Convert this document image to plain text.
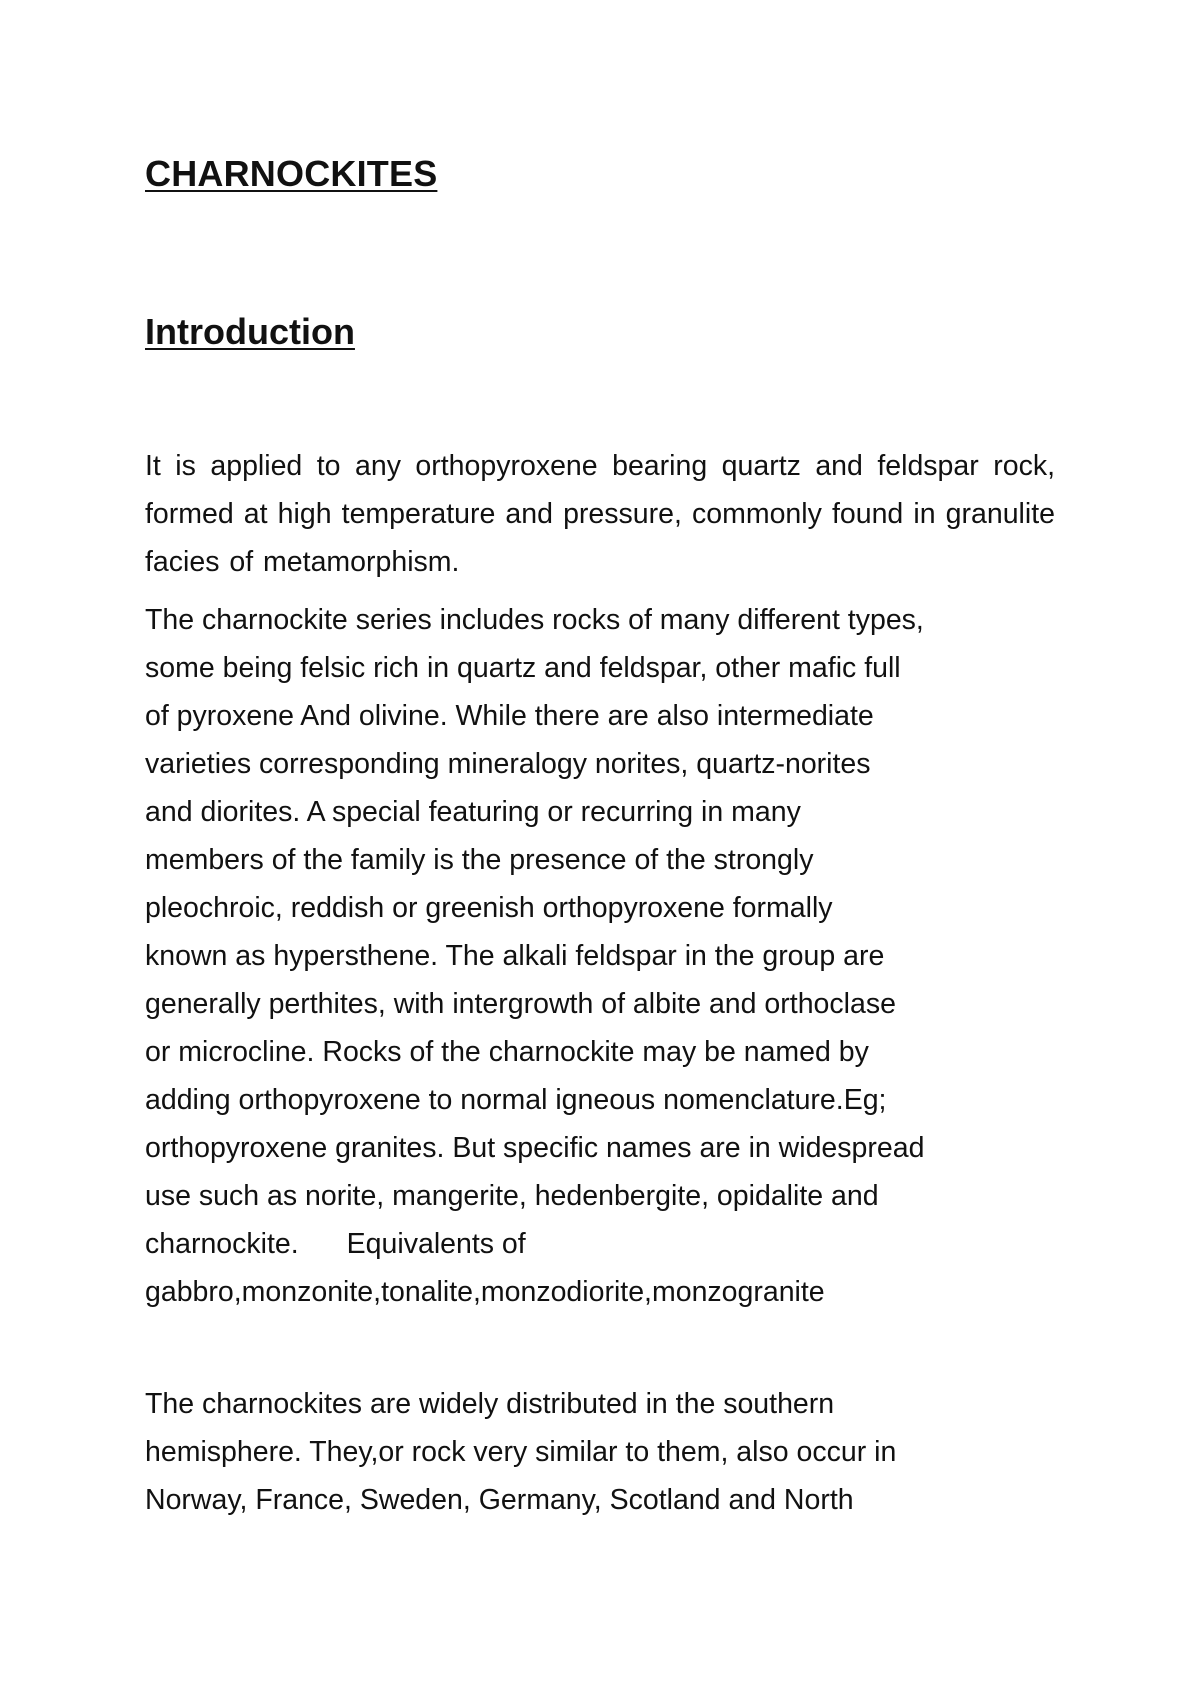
CHARNOCKITES
Introduction

It is applied to any orthopyroxene bearing quartz and feldspar rock, formed at high temperature and pressure, commonly found in granulite facies of metamorphism.

The charnockite series includes rocks of many different types,
some being felsic rich in quartz and feldspar, other mafic full
of pyroxene And olivine. While there are also intermediate
varieties corresponding mineralogy norites, quartz-norites
and diorites. A special featuring or recurring in many
members of the family is the presence of the strongly
pleochroic, reddish or greenish orthopyroxene formally
known as hypersthene. The alkali feldspar in the group are
generally perthites, with intergrowth of albite and orthoclase
or microcline. Rocks of the charnockite may be named by
adding orthopyroxene to normal igneous nomenclature.Eg;
orthopyroxene granites. But specific names are in widespread
use such as norite, mangerite, hedenbergite, opidalite and
charnockite. Equivalents of
gabbro,monzonite,tonalite,monzodiorite,monzogranite

The charnockites are widely distributed in the southern
hemisphere. They,or rock very similar to them, also occur in
Norway, France, Sweden, Germany, Scotland and North
